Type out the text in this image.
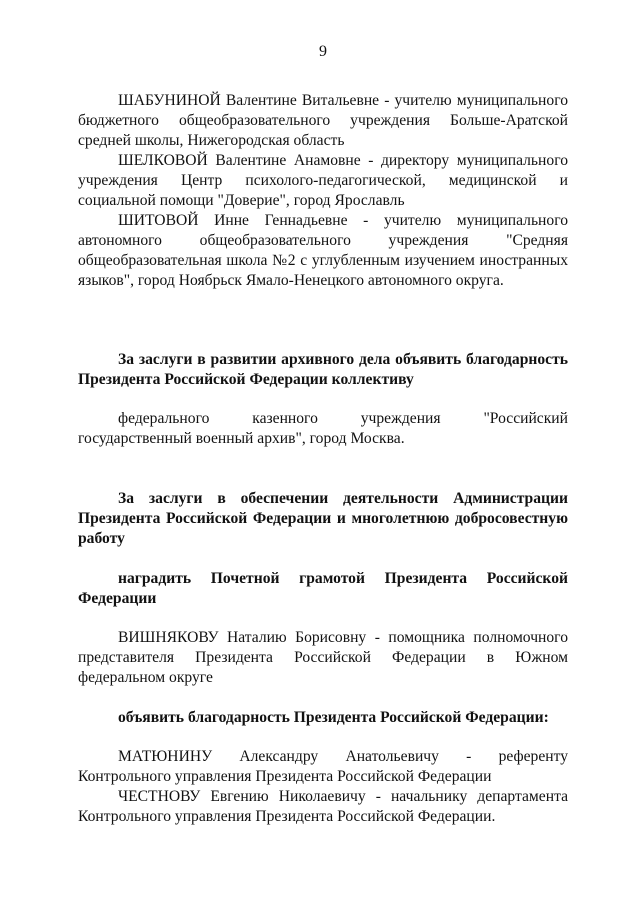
9

ШАБУНИНОЙ Валентине Витальевне - учителю муниципального бюджетного общеобразовательного учреждения Больше-Аратской средней школы, Нижегородская область

ШЕЛКОВОЙ Валентине Анамовне - директору муниципального учреждения Центр психолого-педагогической, медицинской и социальной помощи "Доверие", город Ярославль

ШИТОВОЙ Инне Геннадьевне - учителю муниципального автономного общеобразовательного учреждения "Средняя общеобразовательная школа №2 с углубленным изучением иностранных языков", город Ноябрьск Ямало-Ненецкого автономного округа.

За заслуги в развитии архивного дела объявить благодарность Президента Российской Федерации коллективу

федерального казенного учреждения "Российский государственный военный архив", город Москва.

За заслуги в обеспечении деятельности Администрации Президента Российской Федерации и многолетнюю добросовестную работу

наградить Почетной грамотой Президента Российской Федерации

ВИШНЯКОВУ Наталию Борисовну - помощника полномочного представителя Президента Российской Федерации в Южном федеральном округе

объявить благодарность Президента Российской Федерации:

МАТЮНИНУ Александру Анатольевичу - референту Контрольного управления Президента Российской Федерации

ЧЕСТНОВУ Евгению Николаевичу - начальнику департамента Контрольного управления Президента Российской Федерации.
